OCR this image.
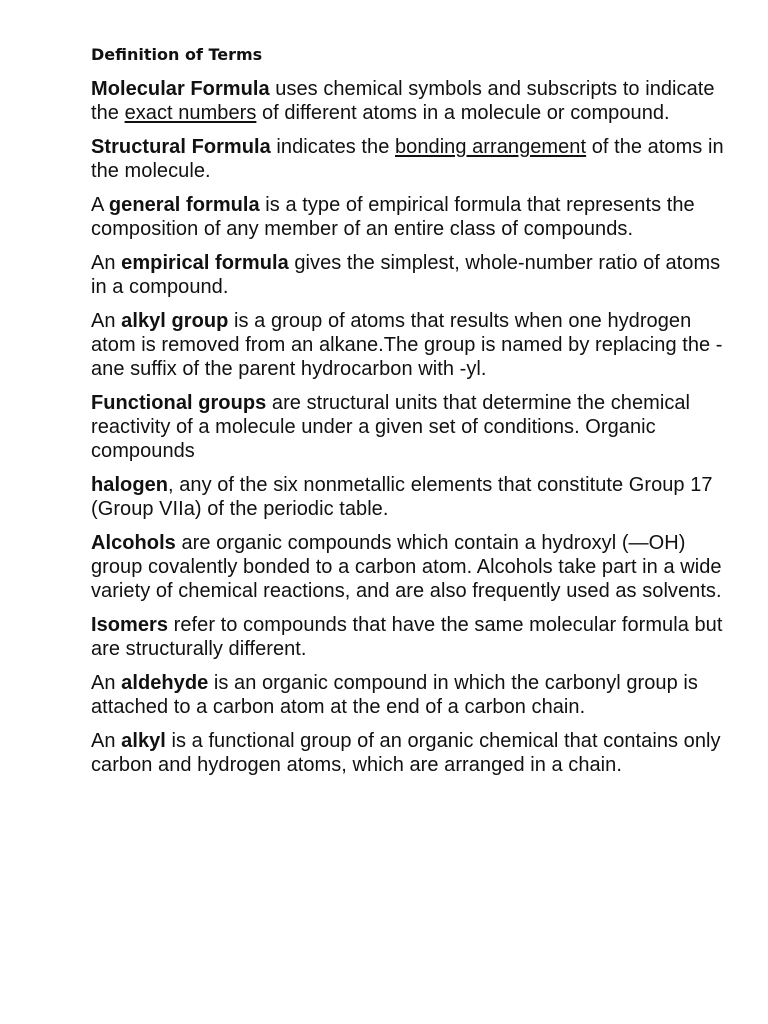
Definition of Terms

Molecular Formula uses chemical symbols and subscripts to indicate the exact numbers of different atoms in a molecule or compound.

Structural Formula indicates the bonding arrangement of the atoms in the molecule.

A general formula is a type of empirical formula that represents the composition of any member of an entire class of compounds.

An empirical formula gives the simplest, whole-number ratio of atoms in a compound.

An alkyl group is a group of atoms that results when one hydrogen atom is removed from an alkane.The group is named by replacing the -ane suffix of the parent hydrocarbon with -yl.

Functional groups are structural units that determine the chemical reactivity of a molecule under a given set of conditions. Organic compounds

halogen, any of the six nonmetallic elements that constitute Group 17 (Group VIIa) of the periodic table.

Alcohols are organic compounds which contain a hydroxyl (—OH) group covalently bonded to a carbon atom. Alcohols take part in a wide variety of chemical reactions, and are also frequently used as solvents.

Isomers refer to compounds that have the same molecular formula but are structurally different.

An aldehyde is an organic compound in which the carbonyl group is attached to a carbon atom at the end of a carbon chain.

An alkyl is a functional group of an organic chemical that contains only carbon and hydrogen atoms, which are arranged in a chain.
